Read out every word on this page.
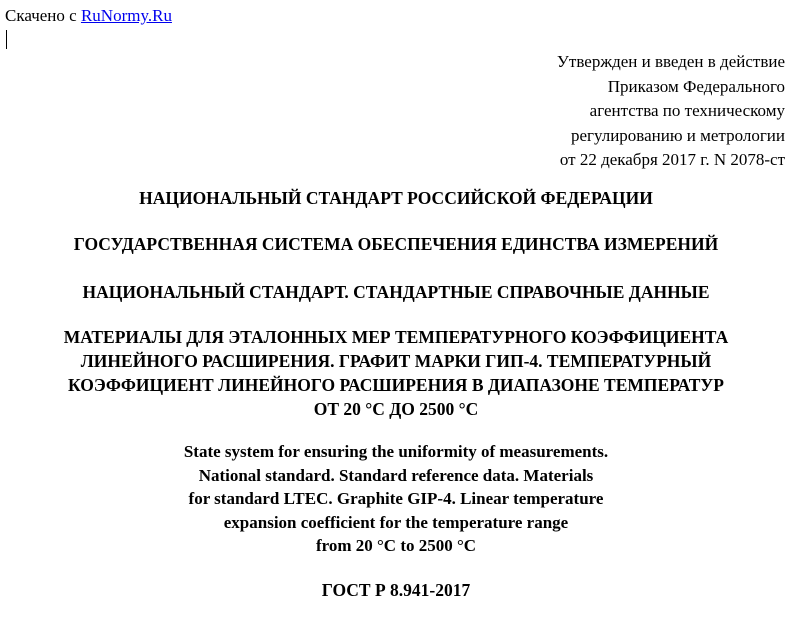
Скачено с RuNormy.Ru
Утвержден и введен в действие
Приказом Федерального
агентства по техническому
регулированию и метрологии
от 22 декабря 2017 г. N 2078-ст
НАЦИОНАЛЬНЫЙ СТАНДАРТ РОССИЙСКОЙ ФЕДЕРАЦИИ
ГОСУДАРСТВЕННАЯ СИСТЕМА ОБЕСПЕЧЕНИЯ ЕДИНСТВА ИЗМЕРЕНИЙ
НАЦИОНАЛЬНЫЙ СТАНДАРТ. СТАНДАРТНЫЕ СПРАВОЧНЫЕ ДАННЫЕ
МАТЕРИАЛЫ ДЛЯ ЭТАЛОННЫХ МЕР ТЕМПЕРАТУРНОГО КОЭФФИЦИЕНТА
ЛИНЕЙНОГО РАСШИРЕНИЯ. ГРАФИТ МАРКИ ГИП-4. ТЕМПЕРАТУРНЫЙ
КОЭФФИЦИЕНТ ЛИНЕЙНОГО РАСШИРЕНИЯ В ДИАПАЗОНЕ ТЕМПЕРАТУР
ОТ 20 °С ДО 2500 °С
State system for ensuring the uniformity of measurements.
National standard. Standard reference data. Materials
for standard LTEC. Graphite GIP-4. Linear temperature
expansion coefficient for the temperature range
from 20 °C to 2500 °C
ГОСТ Р 8.941-2017
